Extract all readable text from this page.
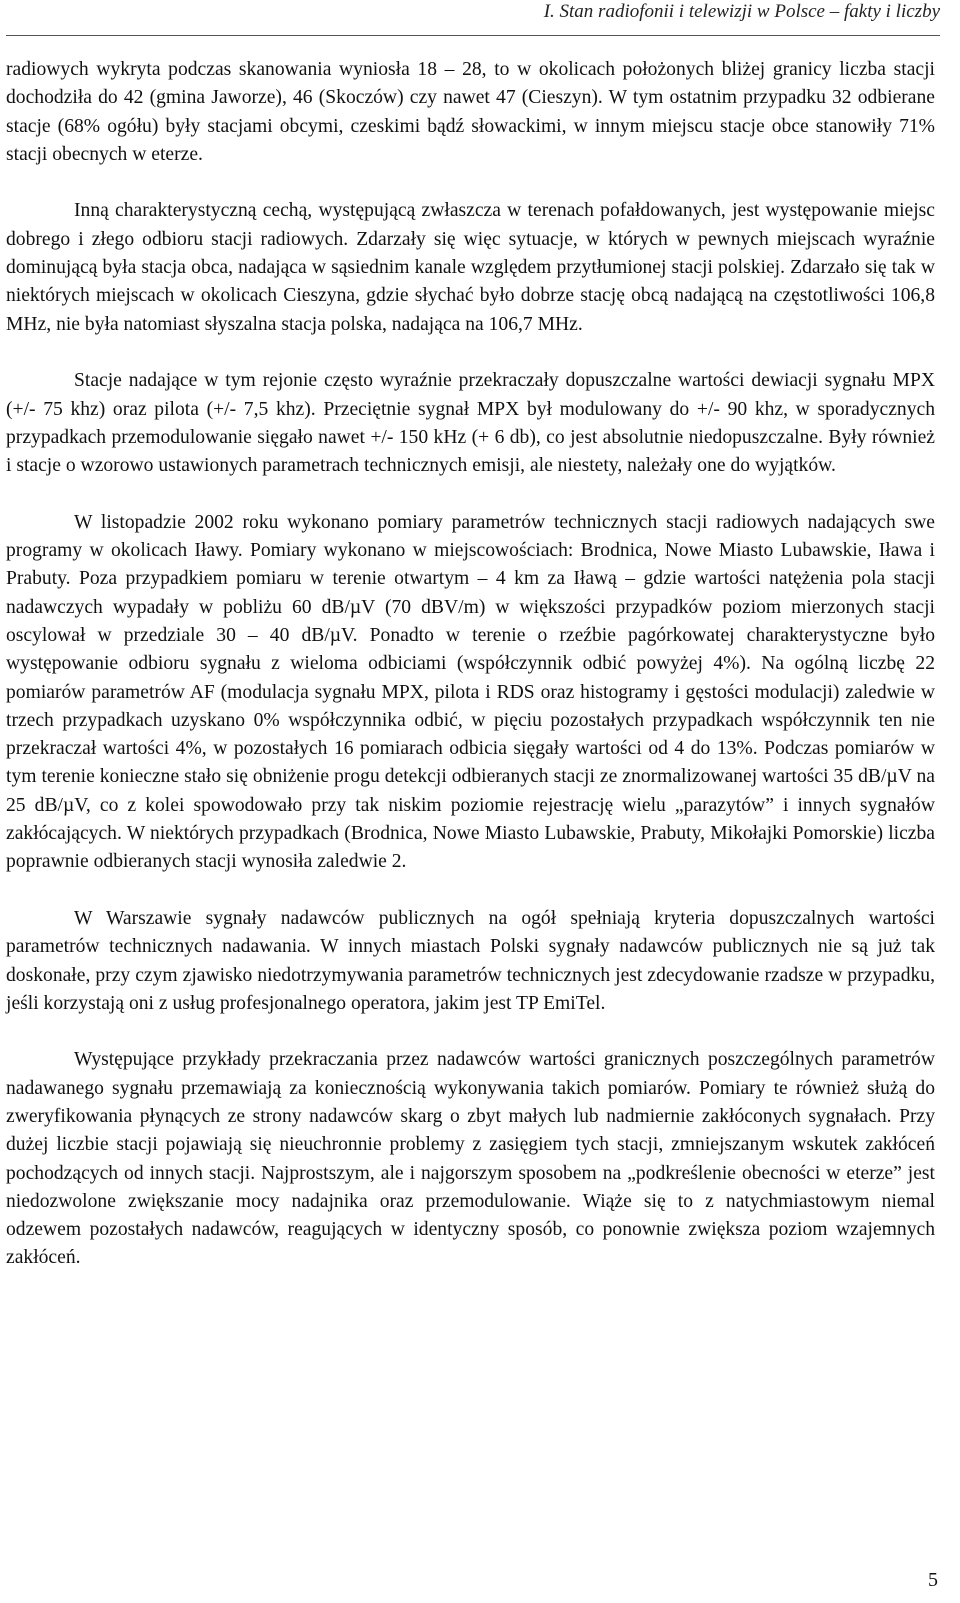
I. Stan radiofonii i telewizji w Polsce – fakty i liczby

radiowych wykryta podczas skanowania wyniosła 18 – 28, to w okolicach położonych bliżej granicy liczba stacji dochodziła do 42 (gmina Jaworze), 46 (Skoczów) czy nawet 47 (Cieszyn). W tym ostatnim przypadku 32 odbierane stacje (68% ogółu) były stacjami obcymi, czeskimi bądź słowackimi, w innym miejscu stacje obce stanowiły 71% stacji obecnych w eterze.

Inną charakterystyczną cechą, występującą zwłaszcza w terenach pofałdowanych, jest występowanie miejsc dobrego i złego odbioru stacji radiowych. Zdarzały się więc sytuacje, w których w pewnych miejscach wyraźnie dominującą była stacja obca, nadająca w sąsiednim kanale względem przytłumionej stacji polskiej. Zdarzało się tak w niektórych miejscach w okolicach Cieszyna, gdzie słychać było dobrze stację obcą nadającą na częstotliwości 106,8 MHz, nie była natomiast słyszalna stacja polska, nadająca na 106,7 MHz.

Stacje nadające w tym rejonie często wyraźnie przekraczały dopuszczalne wartości dewiacji sygnału MPX (+/- 75 khz) oraz pilota (+/- 7,5 khz). Przeciętnie sygnał MPX był modulowany do +/- 90 khz, w sporadycznych przypadkach przemodulowanie sięgało nawet +/- 150 kHz (+ 6 db), co jest absolutnie niedopuszczalne. Były również i stacje o wzorowo ustawionych parametrach technicznych emisji, ale niestety, należały one do wyjątków.

W listopadzie 2002 roku wykonano pomiary parametrów technicznych stacji radiowych nadających swe programy w okolicach Iławy. Pomiary wykonano w miejscowościach: Brodnica, Nowe Miasto Lubawskie, Iława i Prabuty. Poza przypadkiem pomiaru w terenie otwartym – 4 km za Iławą – gdzie wartości natężenia pola stacji nadawczych wypadały w pobliżu 60 dB/µV (70 dBV/m) w większości przypadków poziom mierzonych stacji oscylował w przedziale 30 – 40 dB/µV. Ponadto w terenie o rzeźbie pagórkowatej charakterystyczne było występowanie odbioru sygnału z wieloma odbiciami (współczynnik odbić powyżej 4%). Na ogólną liczbę 22 pomiarów parametrów AF (modulacja sygnału MPX, pilota i RDS oraz histogramy i gęstości modulacji) zaledwie w trzech przypadkach uzyskano 0% współczynnika odbić, w pięciu pozostałych przypadkach współczynnik ten nie przekraczał wartości 4%, w pozostałych 16 pomiarach odbicia sięgały wartości od 4 do 13%. Podczas pomiarów w tym terenie konieczne stało się obniżenie progu detekcji odbieranych stacji ze znormalizowanej wartości 35 dB/µV na 25 dB/µV, co z kolei spowodowało przy tak niskim poziomie rejestrację wielu „parazytów” i innych sygnałów zakłócających. W niektórych przypadkach (Brodnica, Nowe Miasto Lubawskie, Prabuty, Mikołajki Pomorskie) liczba poprawnie odbieranych stacji wynosiła zaledwie 2.

W Warszawie sygnały nadawców publicznych na ogół spełniają kryteria dopuszczalnych wartości parametrów technicznych nadawania. W innych miastach Polski sygnały nadawców publicznych nie są już tak doskonałe, przy czym zjawisko niedotrzymywania parametrów technicznych jest zdecydowanie rzadsze w przypadku, jeśli korzystają oni z usług profesjonalnego operatora, jakim jest TP EmiTel.

Występujące przykłady przekraczania przez nadawców wartości granicznych poszczególnych parametrów nadawanego sygnału przemawiają za koniecznością wykonywania takich pomiarów. Pomiary te również służą do zweryfikowania płynących ze strony nadawców skarg o zbyt małych lub nadmiernie zakłóconych sygnałach. Przy dużej liczbie stacji pojawiają się nieuchronnie problemy z zasięgiem tych stacji, zmniejszanym wskutek zakłóceń pochodzących od innych stacji. Najprostszym, ale i najgorszym sposobem na „podkreślenie obecności w eterze” jest niedozwolone zwiększanie mocy nadajnika oraz przemodulowanie. Wiąże się to z natychmiastowym niemal odzewem pozostałych nadawców, reagujących w identyczny sposób, co ponownie zwiększa poziom wzajemnych zakłóceń.

5
